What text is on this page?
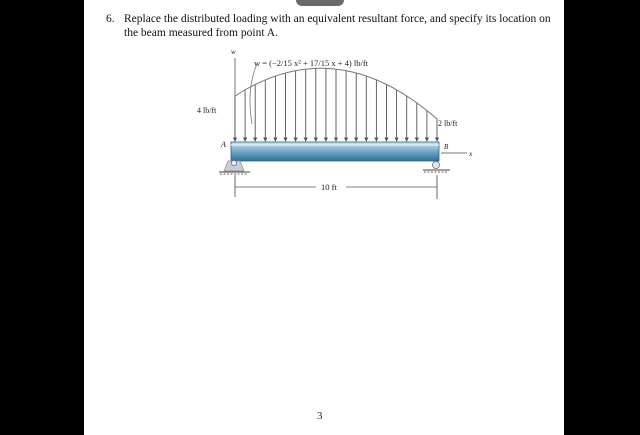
6. Replace the distributed loading with an equivalent resultant force, and specify its location on the beam measured from point A.
w
w = (−2/15 x² + 17/15 x + 4) lb/ft
4 lb/ft
2 lb/ft
A	B
x
10 ft
3
